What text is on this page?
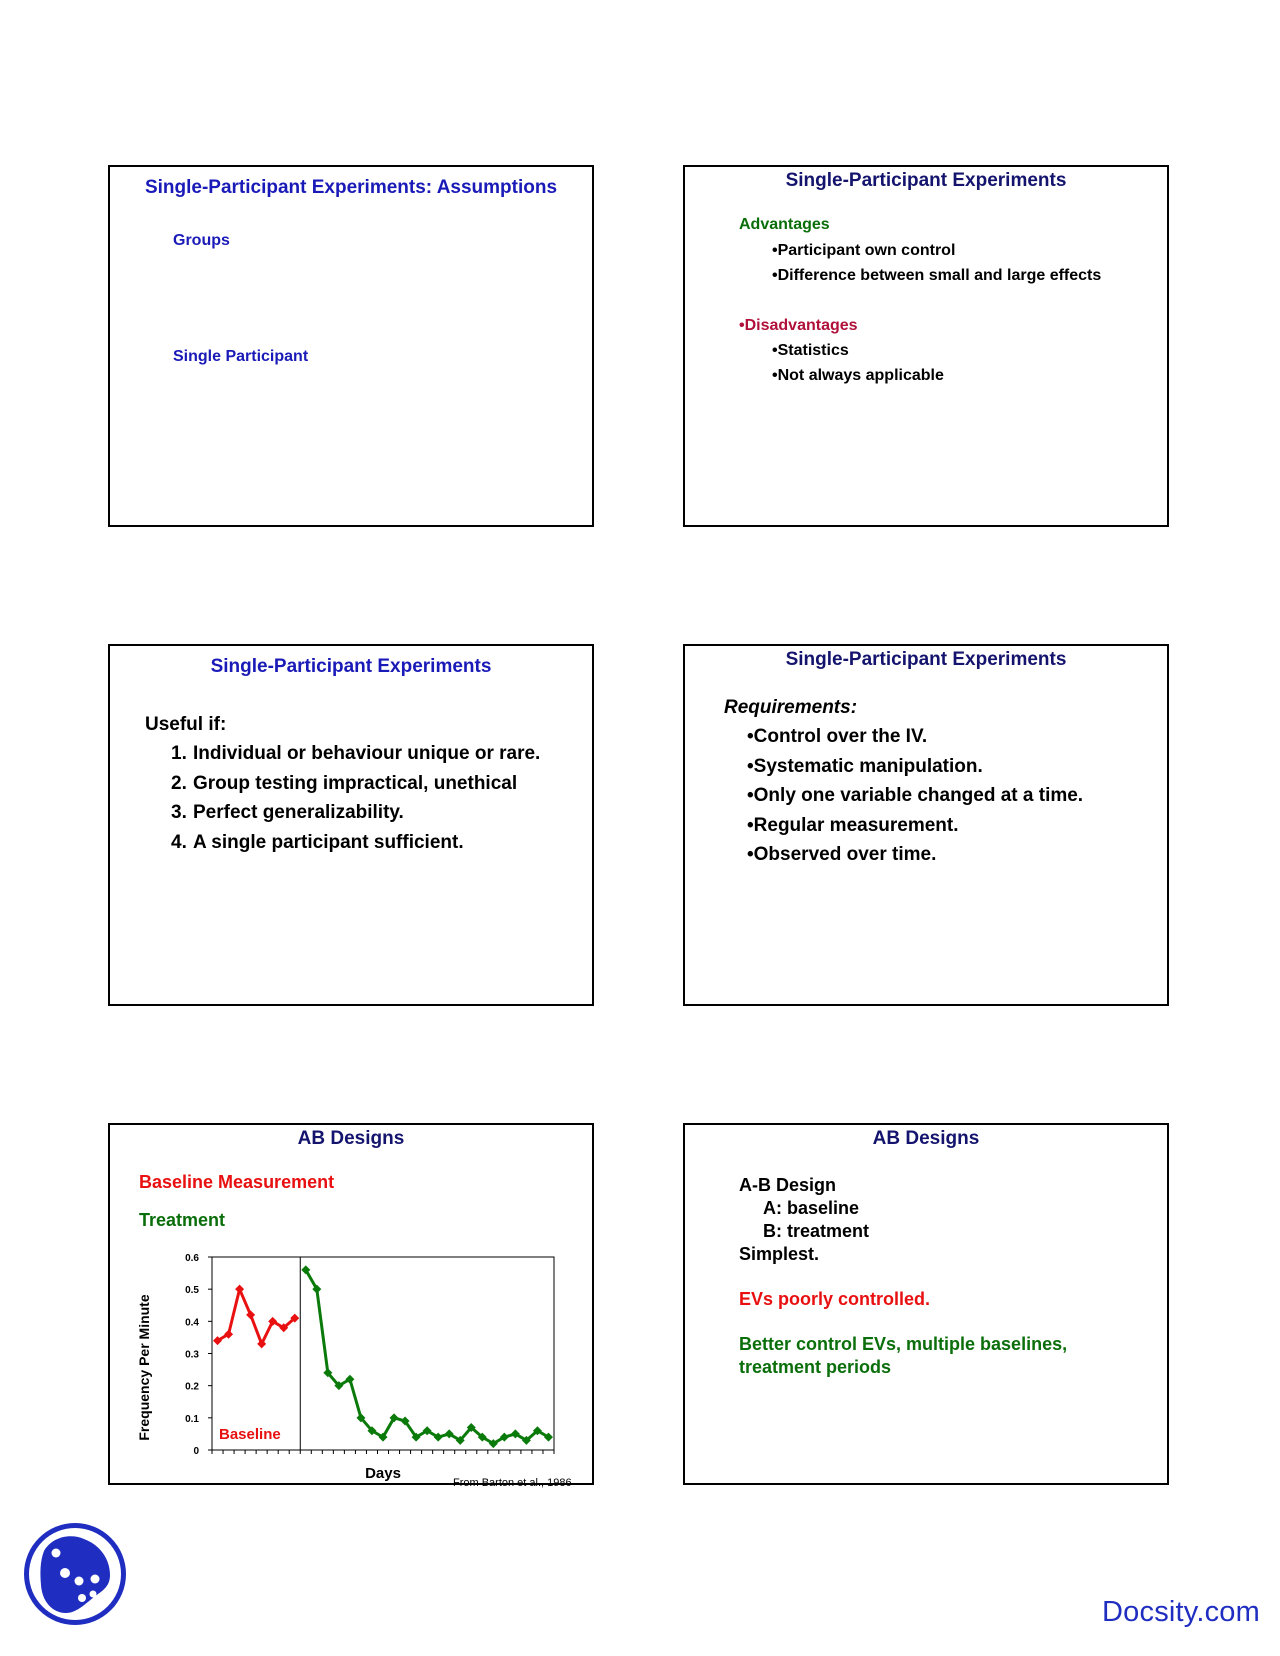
Single-Participant Experiments: Assumptions
Groups
Single Participant
Single-Participant Experiments
Advantages
•Participant own control
•Difference between small and large effects
•Disadvantages
•Statistics
•Not always applicable
Single-Participant Experiments
Useful if:
1. Individual or behaviour unique or rare.
2. Group testing impractical, unethical
3. Perfect generalizability.
4. A single participant sufficient.
Single-Participant Experiments
Requirements:
•Control over the IV.
•Systematic manipulation.
•Only one variable changed at a time.
•Regular measurement.
•Observed over time.
AB Designs
Baseline Measurement
Treatment
0
0.1
0.2
0.3
0.4
0.5
0.6
Baseline
Days
Frequency Per Minute
From Barton et al., 1986
AB Designs
A-B Design
A: baseline
B: treatment
Simplest.
EVs poorly controlled.
Better control EVs, multiple baselines,
treatment periods
Docsity.com
